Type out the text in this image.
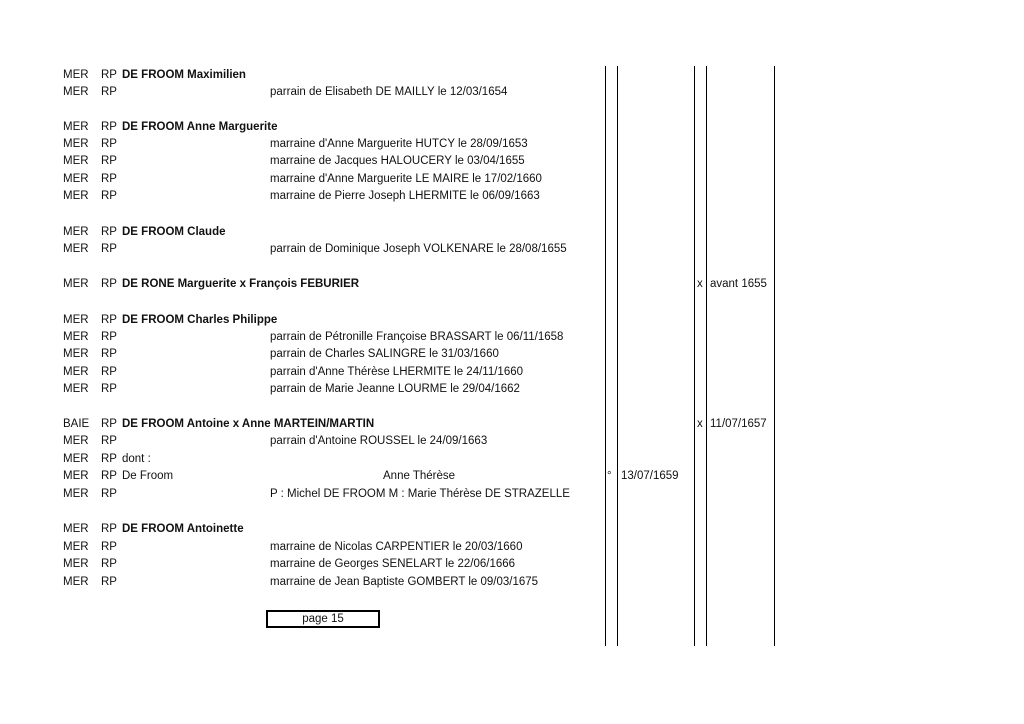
MER RP DE FROOM Maximilien
MER RP	parrain de Elisabeth DE MAILLY le 12/03/1654
MER RP DE FROOM Anne Marguerite
MER RP	marraine d'Anne Marguerite HUTCY le 28/09/1653
MER RP	marraine de Jacques HALOUCERY le 03/04/1655
MER RP	marraine d'Anne Marguerite LE MAIRE le 17/02/1660
MER RP	marraine de Pierre Joseph LHERMITE le 06/09/1663
MER RP DE FROOM Claude
MER RP	parrain de Dominique Joseph VOLKENARE le 28/08/1655
MER RP DE RONE Marguerite x François FEBURIER	x avant 1655
MER RP DE FROOM Charles Philippe
MER RP	parrain de Pétronille Françoise BRASSART le 06/11/1658
MER RP	parrain de Charles SALINGRE le 31/03/1660
MER RP	parrain d'Anne Thérèse LHERMITE le 24/11/1660
MER RP	parrain de Marie Jeanne LOURME le 29/04/1662
BAIE RP DE FROOM Antoine x Anne MARTEIN/MARTIN	x 11/07/1657
MER RP	parrain d'Antoine ROUSSEL le 24/09/1663
MER RP dont :
MER RP De Froom	Anne Thérèse	° 13/07/1659
MER RP	P : Michel DE FROOM M : Marie Thérèse DE STRAZELLE
MER RP DE FROOM Antoinette
MER RP	marraine de Nicolas CARPENTIER le 20/03/1660
MER RP	marraine de Georges SENELART le 22/06/1666
MER RP	marraine de Jean Baptiste GOMBERT le 09/03/1675
page 15
